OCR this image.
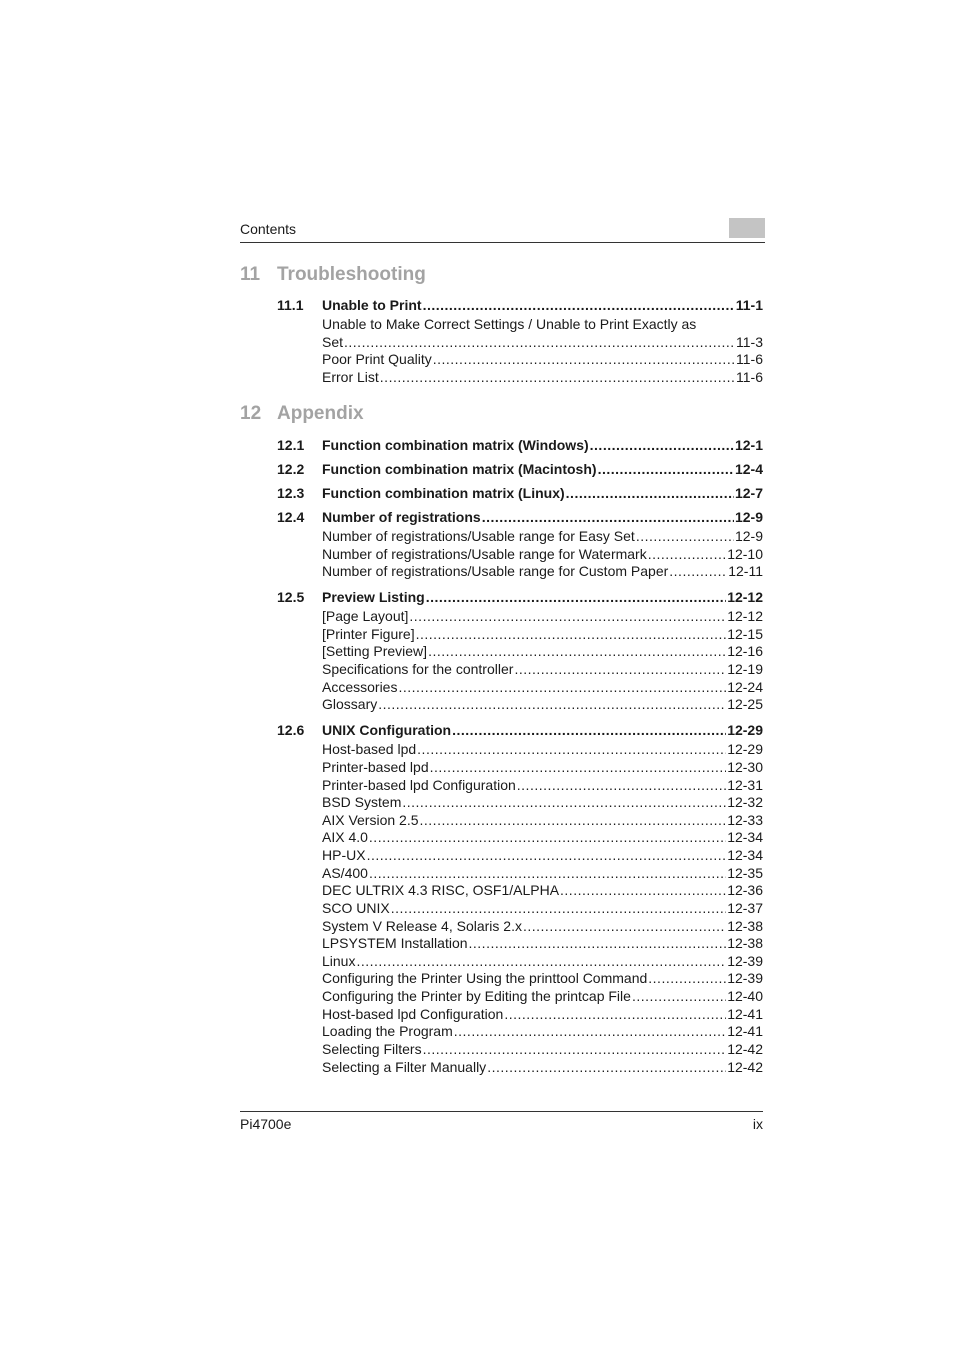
Contents
11 Troubleshooting
11.1 Unable to Print .....	11-1
Unable to Make Correct Settings / Unable to Print Exactly as
Set .....	11-3
Poor Print Quality .....	11-6
Error List .....	11-6
12 Appendix
12.1 Function combination matrix (Windows) .....	12-1
12.2 Function combination matrix (Macintosh) .....	12-4
12.3 Function combination matrix (Linux) .....	12-7
12.4 Number of registrations .....	12-9
Number of registrations/Usable range for Easy Set .....	12-9
Number of registrations/Usable range for Watermark .....	12-10
Number of registrations/Usable range for Custom Paper .....	12-11
12.5 Preview Listing .....	12-12
[Page Layout] .....	12-12
[Printer Figure] .....	12-15
[Setting Preview] .....	12-16
Specifications for the controller .....	12-19
Accessories .....	12-24
Glossary .....	12-25
12.6 UNIX Configuration .....	12-29
Host-based lpd .....	12-29
Printer-based lpd .....	12-30
Printer-based lpd Configuration .....	12-31
BSD System .....	12-32
AIX Version 2.5 .....	12-33
AIX 4.0 .....	12-34
HP-UX .....	12-34
AS/400 .....	12-35
DEC ULTRIX 4.3 RISC, OSF1/ALPHA .....	12-36
SCO UNIX .....	12-37
System V Release 4, Solaris 2.x .....	12-38
LPSYSTEM Installation .....	12-38
Linux .....	12-39
Configuring the Printer Using the printtool Command .....	12-39
Configuring the Printer by Editing the printcap File .....	12-40
Host-based lpd Configuration .....	12-41
Loading the Program .....	12-41
Selecting Filters .....	12-42
Selecting a Filter Manually .....	12-42
Pi4700e	ix
